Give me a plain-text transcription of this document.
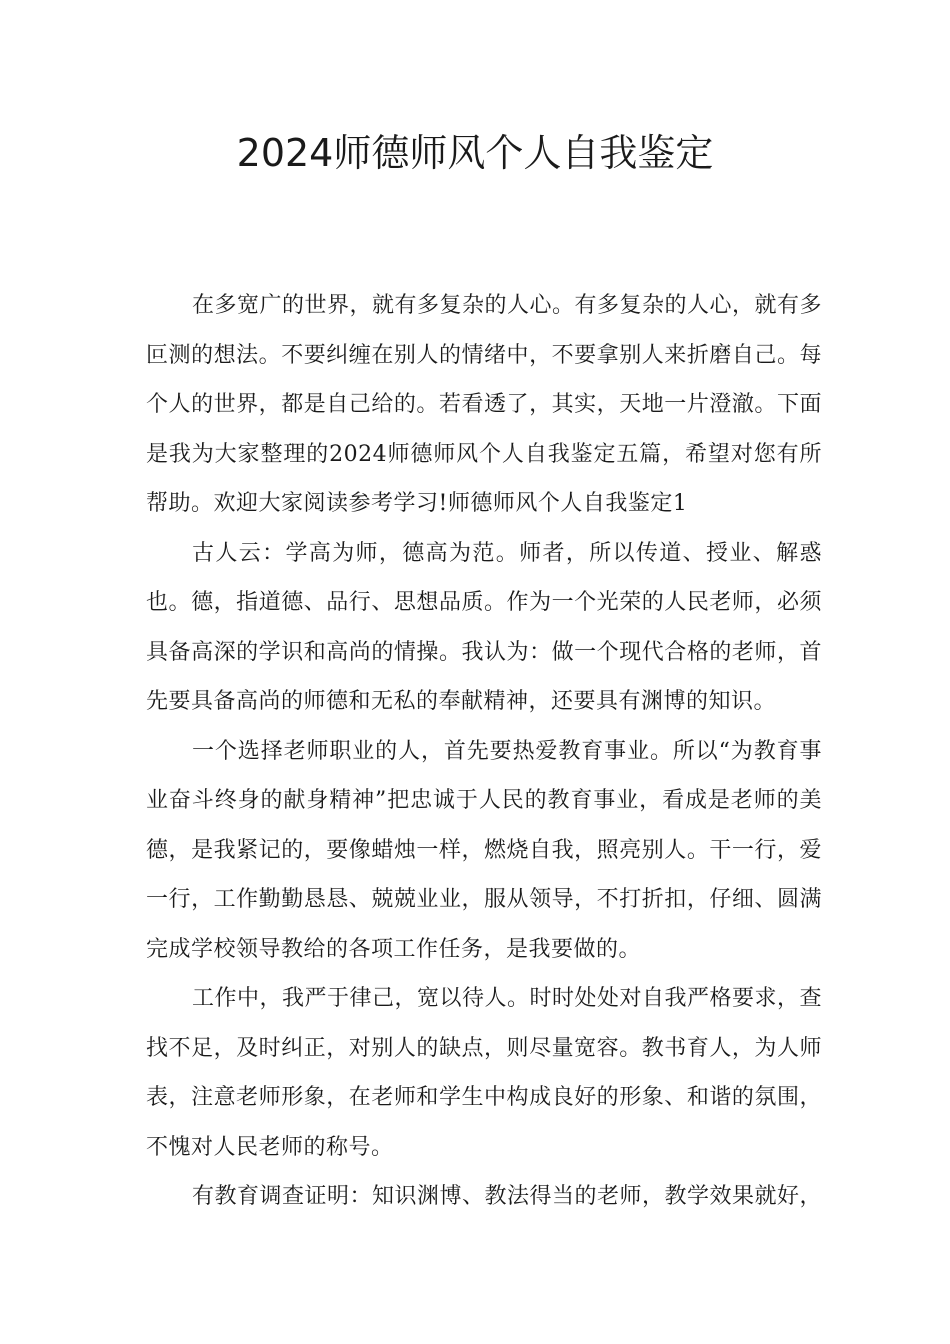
2024师德师风个人自我鉴定

在多宽广的世界，就有多复杂的人心。有多复杂的人心，就有多叵测的想法。不要纠缠在别人的情绪中，不要拿别人来折磨自己。每个人的世界，都是自己给的。若看透了，其实，天地一片澄澈。下面是我为大家整理的2024师德师风个人自我鉴定五篇，希望对您有所帮助。欢迎大家阅读参考学习!师德师风个人自我鉴定1

古人云：学高为师，德高为范。师者，所以传道、授业、解惑也。德，指道德、品行、思想品质。作为一个光荣的人民老师，必须具备高深的学识和高尚的情操。我认为：做一个现代合格的老师，首先要具备高尚的师德和无私的奉献精神，还要具有渊博的知识。

一个选择老师职业的人，首先要热爱教育事业。所以“为教育事业奋斗终身的献身精神”把忠诚于人民的教育事业，看成是老师的美德，是我紧记的，要像蜡烛一样，燃烧自我，照亮别人。干一行，爱一行，工作勤勤恳恳、兢兢业业，服从领导，不打折扣，仔细、圆满完成学校领导教给的各项工作任务，是我要做的。

工作中，我严于律己，宽以待人。时时处处对自我严格要求，查找不足，及时纠正，对别人的缺点，则尽量宽容。教书育人，为人师表，注意老师形象，在老师和学生中构成良好的形象、和谐的氛围，不愧对人民老师的称号。

有教育调查证明：知识渊博、教法得当的老师，教学效果就好，
